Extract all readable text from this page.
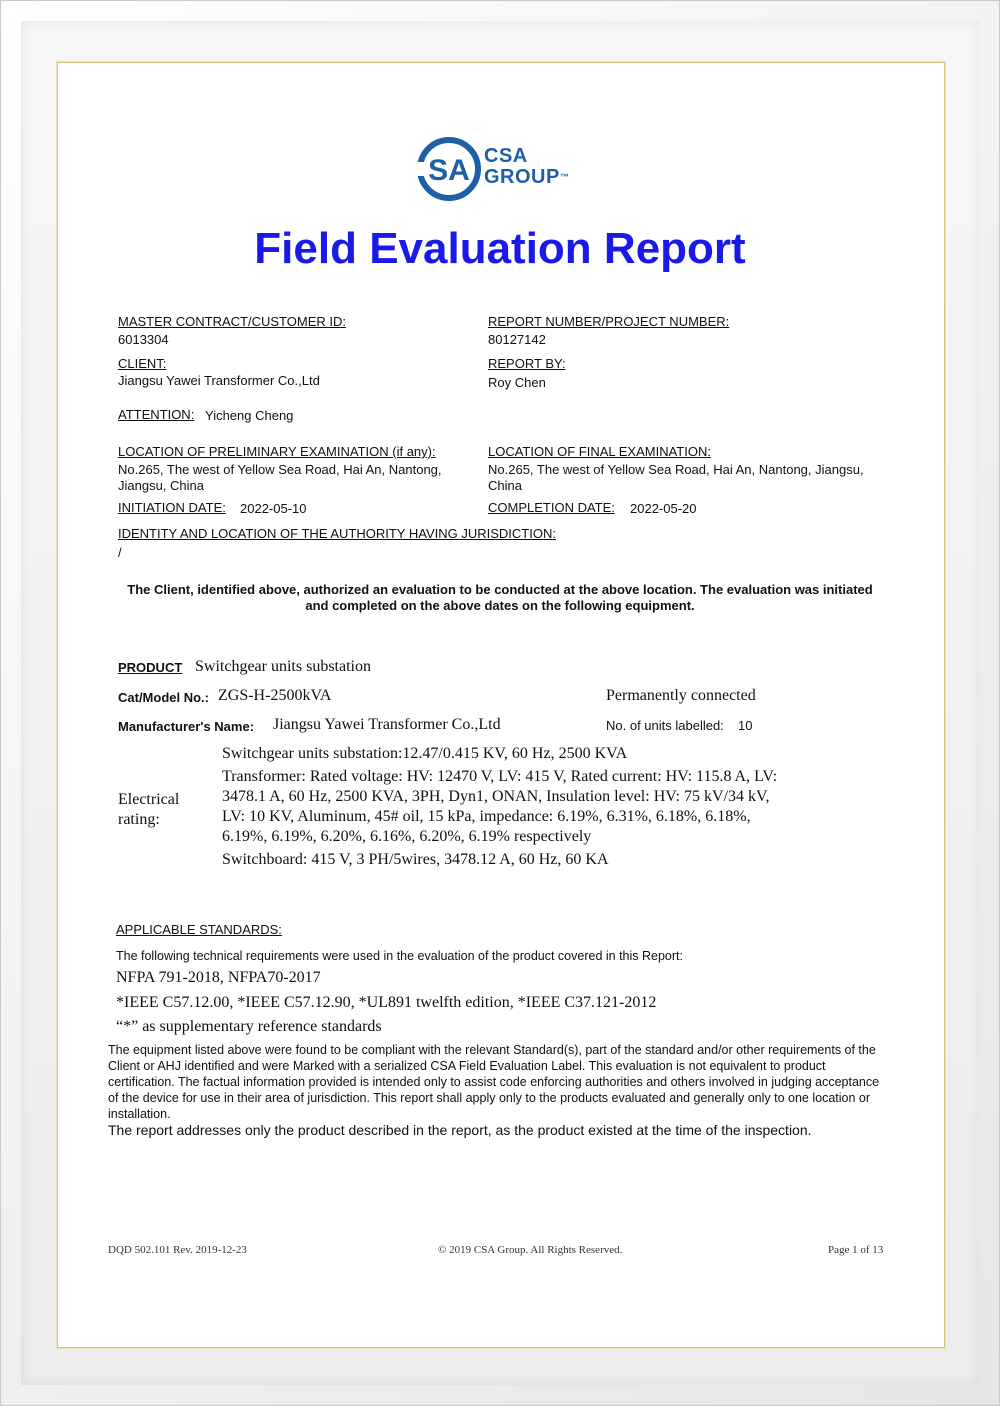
SA CSA
GROUP™
Field Evaluation Report
MASTER CONTRACT/CUSTOMER ID:
6013304
REPORT NUMBER/PROJECT NUMBER:
80127142
CLIENT:
Jiangsu Yawei Transformer Co.,Ltd
REPORT BY:
Roy Chen
ATTENTION: Yicheng Cheng
LOCATION OF PRELIMINARY EXAMINATION (if any):
No.265, The west of Yellow Sea Road, Hai An, Nantong, Jiangsu, China
LOCATION OF FINAL EXAMINATION:
No.265, The west of Yellow Sea Road, Hai An, Nantong, Jiangsu, China
INITIATION DATE: 2022-05-10	COMPLETION DATE: 2022-05-20
IDENTITY AND LOCATION OF THE AUTHORITY HAVING JURISDICTION:
/
The Client, identified above, authorized an evaluation to be conducted at the above location. The evaluation was initiated and completed on the above dates on the following equipment.
PRODUCT Switchgear units substation
Cat/Model No.: ZGS-H-2500kVA	Permanently connected
Manufacturer's Name: Jiangsu Yawei Transformer Co.,Ltd	No. of units labelled: 10
Electrical
rating:

Switchgear units substation:12.47/0.415 KV, 60 Hz, 2500 KVA

Transformer: Rated voltage: HV: 12470 V, LV: 415 V, Rated current: HV: 115.8 A, LV: 3478.1 A, 60 Hz, 2500 KVA, 3PH, Dyn1, ONAN, Insulation level: HV: 75 kV/34 kV, LV: 10 KV, Aluminum, 45# oil, 15 kPa, impedance: 6.19%, 6.31%, 6.18%, 6.18%, 6.19%, 6.19%, 6.20%, 6.16%, 6.20%, 6.19% respectively

Switchboard: 415 V, 3 PH/5wires, 3478.12 A, 60 Hz, 60 KA

APPLICABLE STANDARDS:
The following technical requirements were used in the evaluation of the product covered in this Report:
NFPA 791-2018, NFPA70-2017
*IEEE C57.12.00, *IEEE C57.12.90, *UL891 twelfth edition, *IEEE C37.121-2012
“*” as supplementary reference standards
The equipment listed above were found to be compliant with the relevant Standard(s), part of the standard and/or other requirements of the Client or AHJ identified and were Marked with a serialized CSA Field Evaluation Label. This evaluation is not equivalent to product certification. The factual information provided is intended only to assist code enforcing authorities and others involved in judging acceptance of the device for use in their area of jurisdiction. This report shall apply only to the products evaluated and generally only to one location or installation.
The report addresses only the product described in the report, as the product existed at the time of the inspection.
DQD 502.101 Rev. 2019-12-23	© 2019 CSA Group. All Rights Reserved.	Page 1 of 13
